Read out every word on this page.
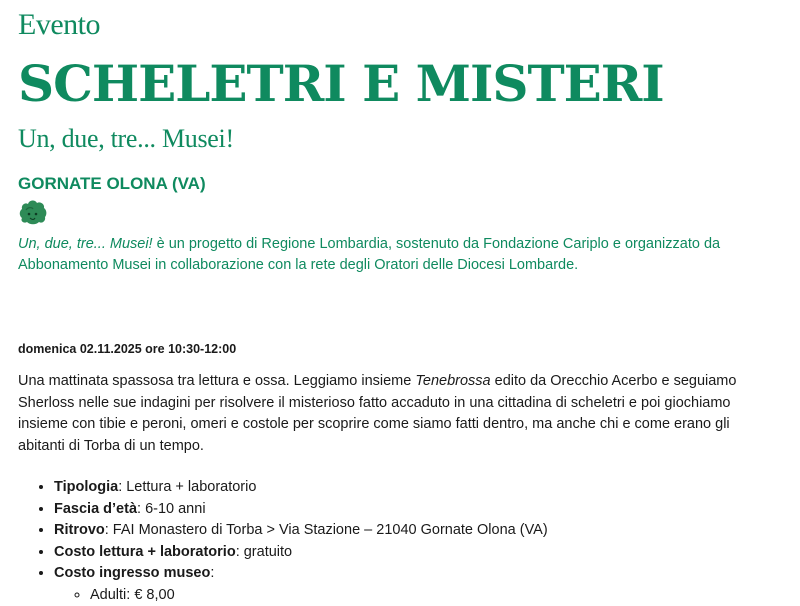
Evento
SCHELETRI E MISTERI
Un, due, tre... Musei!
GORNATE OLONA (VA)
Un, due, tre... Musei! è un progetto di Regione Lombardia, sostenuto da Fondazione Cariplo e organizzato da Abbonamento Musei in collaborazione con la rete degli Oratori delle Diocesi Lombarde.
domenica 02.11.2025 ore 10:30-12:00
Una mattinata spassosa tra lettura e ossa. Leggiamo insieme Tenebrossa edito da Orecchio Acerbo e seguiamo Sherloss nelle sue indagini per risolvere il misterioso fatto accaduto in una cittadina di scheletri e poi giochiamo insieme con tibie e peroni, omeri e costole per scoprire come siamo fatti dentro, ma anche chi e come erano gli abitanti di Torba di un tempo.
• Tipologia: Lettura + laboratorio
• Fascia d’età: 6-10 anni
• Ritrovo: FAI Monastero di Torba > Via Stazione – 21040 Gornate Olona (VA)
• Costo lettura + laboratorio: gratuito
• Costo ingresso museo:
◦ Adulti: € 8,00
